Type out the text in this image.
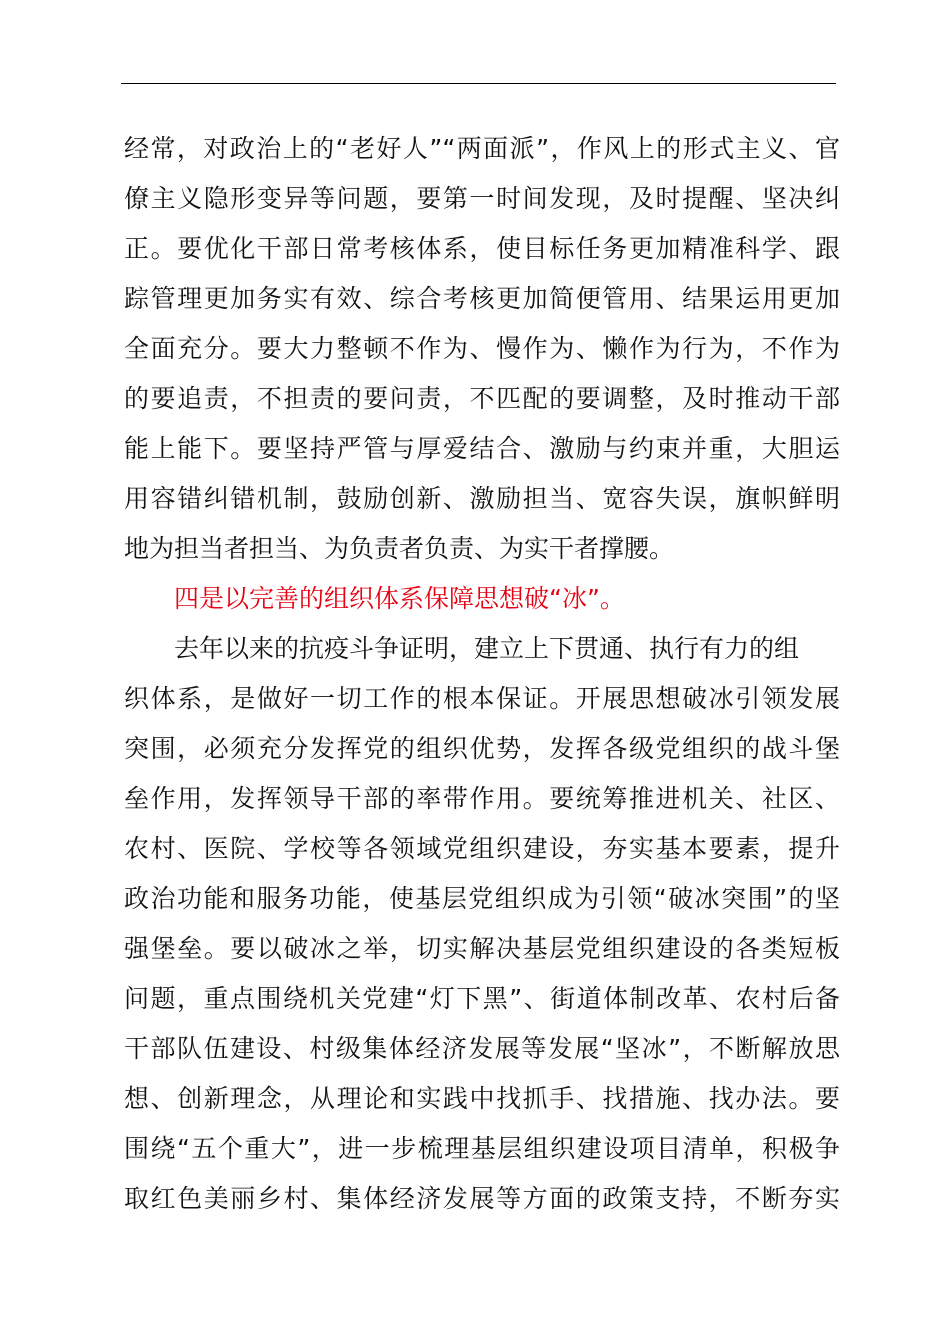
经常，对政治上的“老好人”“两面派”，作风上的形式主义、官
僚主义隐形变异等问题，要第一时间发现，及时提醒、坚决纠
正。要优化干部日常考核体系，使目标任务更加精准科学、跟
踪管理更加务实有效、综合考核更加简便管用、结果运用更加
全面充分。要大力整顿不作为、慢作为、懒作为行为，不作为
的要追责，不担责的要问责，不匹配的要调整，及时推动干部
能上能下。要坚持严管与厚爱结合、激励与约束并重，大胆运
用容错纠错机制，鼓励创新、激励担当、宽容失误，旗帜鲜明
地为担当者担当、为负责者负责、为实干者撑腰。
四是以完善的组织体系保障思想破“冰”。
去年以来的抗疫斗争证明，建立上下贯通、执行有力的组
织体系，是做好一切工作的根本保证。开展思想破冰引领发展
突围，必须充分发挥党的组织优势，发挥各级党组织的战斗堡
垒作用，发挥领导干部的率带作用。要统筹推进机关、社区、
农村、医院、学校等各领域党组织建设，夯实基本要素，提升
政治功能和服务功能，使基层党组织成为引领“破冰突围”的坚
强堡垒。要以破冰之举，切实解决基层党组织建设的各类短板
问题，重点围绕机关党建“灯下黑”、街道体制改革、农村后备
干部队伍建设、村级集体经济发展等发展“坚冰”，不断解放思
想、创新理念，从理论和实践中找抓手、找措施、找办法。要
围绕“五个重大”，进一步梳理基层组织建设项目清单，积极争
取红色美丽乡村、集体经济发展等方面的政策支持，不断夯实
